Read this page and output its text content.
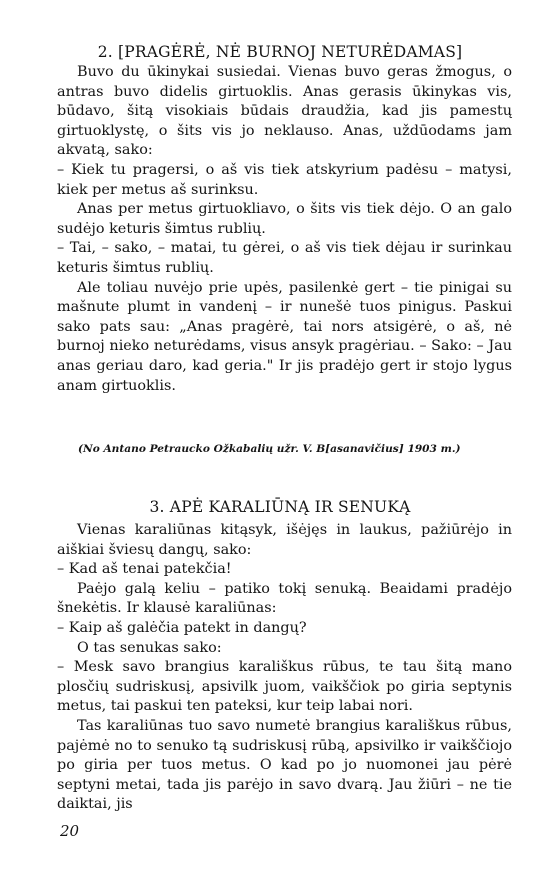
2. [PRAGĖRĖ, NĖ BURNOJ NETURĖDAMAS]

Buvo du ūkinykai susiedai. Vienas buvo geras žmogus, o antras buvo didelis girtuoklis. Anas gerasis ūkinykas vis, būdavo, šitą visokiais būdais draudžia, kad jis pamestų girtuoklystę, o šits vis jo neklauso. Anas, uždūodams jam akvatą, sako:

– Kiek tu pragersi, o aš vis tiek atskyrium padėsu – matysi, kiek per metus aš surinksu.

Anas per metus girtuokliavo, o šits vis tiek dėjo. O an galo sudėjo keturis šimtus rublių.

– Tai, – sako, – matai, tu gėrei, o aš vis tiek dėjau ir surinkau keturis šimtus rublių.

Ale toliau nuvėjo prie upės, pasilenkė gert – tie pinigai su mašnute plumt in vandenį – ir nunešė tuos pinigus. Paskui sako pats sau: „Anas pragėrė, tai nors atsigėrė, o aš, nė burnoj nieko neturėdams, visus ansyk pragėriau. – Sako: – Jau anas geriau daro, kad geria." Ir jis pradėjo gert ir stojo lygus anam girtuoklis.

(No Antano Petraucko Ožkabalių užr. V. B[asanavičius] 1903 m.)
3. APĖ KARALIŪNĄ IR SENUKĄ

Vienas karaliūnas kitąsyk, išėjęs in laukus, pažiūrėjo in aiškiai šviesų dangų, sako:

– Kad aš tenai patekčia!

Paėjo galą keliu – patiko tokį senuką. Beaidami pradėjo šnekėtis. Ir klausė karaliūnas:

– Kaip aš galėčia patekt in dangų?

O tas senukas sako:

– Mesk savo brangius karališkus rūbus, te tau šitą mano plosčių sudriskusį, apsivilk juom, vaikščiok po giria septynis metus, tai paskui ten pateksi, kur teip labai nori.

Tas karaliūnas tuo savo numetė brangius karališkus rūbus, pajėmė no to senuko tą sudriskusį rūbą, apsivilko ir vaikščiojo po giria per tuos metus. O kad po jo nuomonei jau pėrė septyni metai, tada jis parėjo in savo dvarą. Jau žiūri – ne tie daiktai, jis

20
